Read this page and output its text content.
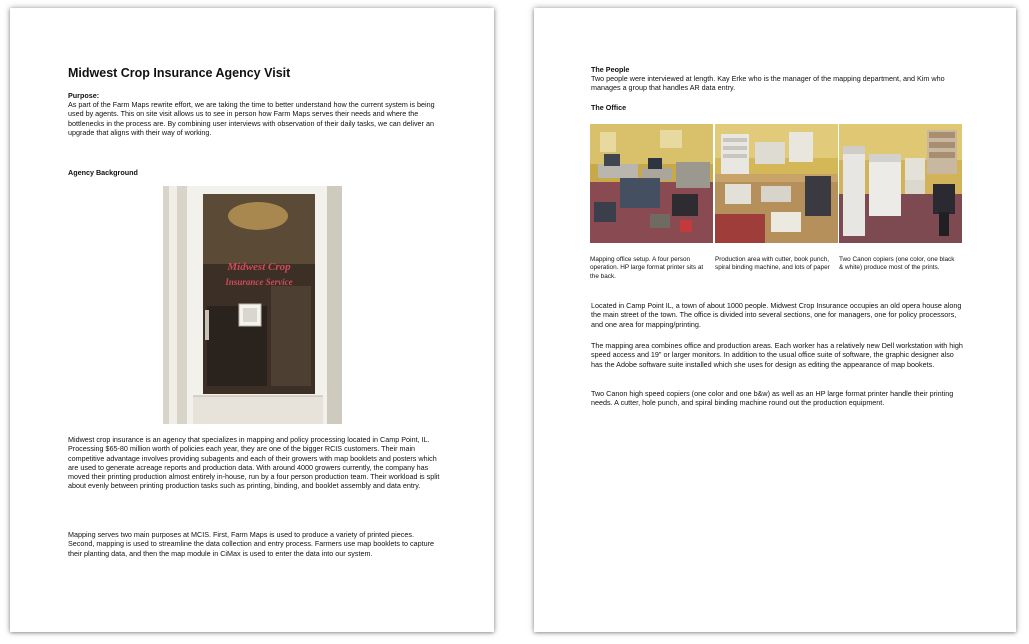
Midwest Crop Insurance Agency Visit
Purpose:

As part of the Farm Maps rewrite effort, we are taking the time to better understand how the current system is being used by agents. This on site visit allows us to see in person how Farm Maps serves their needs and where the bottlenecks in the process are. By combining user interviews with observation of their daily tasks, we can deliver an upgrade that aligns with their way of working.

Agency Background
Midwest Crop
Insurance Service

Midwest crop insurance is an agency that specializes in mapping and policy processing located in Camp Point, IL. Processing $65-80 million worth of policies each year, they are one of the bigger RCIS customers. Their main competitive advantage involves providing subagents and each of their growers with map booklets and posters which are used to generate acreage reports and production data. With around 4000 growers currently, the company has moved their printing production almost entirely in-house, run by a four person production team. Their workload is split about evenly between printing production tasks such as printing, binding, and booklet assembly and data entry.

Mapping serves two main purposes at MCIS. First, Farm Maps is used to produce a variety of printed pieces. Second, mapping is used to streamline the data collection and entry process. Farmers use map booklets to capture their planting data, and then the map module in CiMax is used to enter the data into our system.

The People

Two people were interviewed at length. Kay Erke who is the manager of the mapping department, and Kim who manages a group that handles AR data entry.

The Office
Mapping office setup. A four person operation. HP large format printer sits at the back.
Production area with cutter, book punch, spiral binding machine, and lots of paper
Two Canon copiers (one color, one black & white) produce most of the prints.

Located in Camp Point IL, a town of about 1000 people. Midwest Crop Insurance occupies an old opera house along the main street of the town. The office is divided into several sections, one for managers, one for policy processors, and one area for mapping/printing.

The mapping area combines office and production areas. Each worker has a relatively new Dell workstation with high speed access and 19" or larger monitors. In addition to the usual office suite of software, the graphic designer also has the Adobe software suite installed which she uses for design as editing the appearance of map bookets.

Two Canon high speed copiers (one color and one b&w) as well as an HP large format printer handle their printing needs. A cutter, hole punch, and spiral binding machine round out the production equipment.
